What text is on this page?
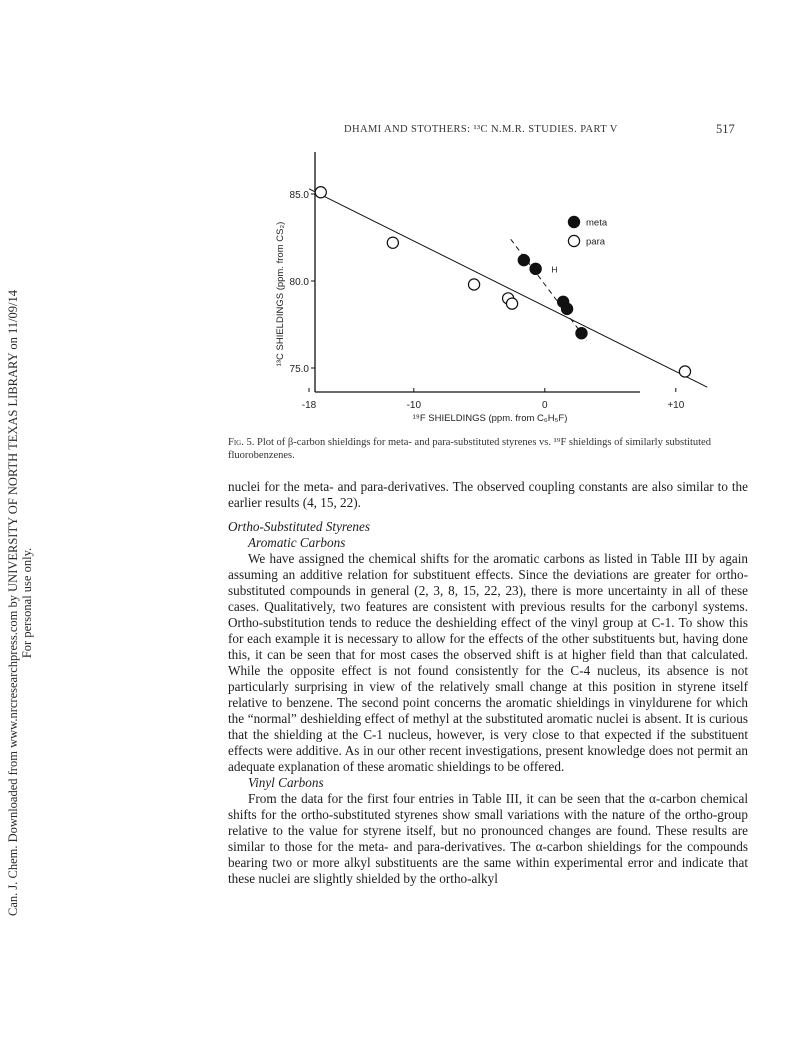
Can. J. Chem. Downloaded from www.nrcresearchpress.com by UNIVERSITY OF NORTH TEXAS LIBRARY on 11/09/14 For personal use only.
DHAMI AND STOTHERS: ¹³C N.M.R. STUDIES. PART V	517
75.0
80.0
85.0
-18	-10	0	+10
H
meta
para
¹³C SHIELDINGS (ppm. from CS₂)
¹⁹F SHIELDINGS (ppm. from C₆H₅F)
Fig. 5. Plot of β-carbon shieldings for meta- and para-substituted styrenes vs. ¹⁹F shieldings of similarly substituted fluorobenzenes.

nuclei for the meta- and para-derivatives. The observed coupling constants are also similar to the earlier results (4, 15, 22).

Ortho-Substituted Styrenes

Aromatic Carbons

We have assigned the chemical shifts for the aromatic carbons as listed in Table III by again assuming an additive relation for substituent effects. Since the deviations are greater for ortho-substituted compounds in general (2, 3, 8, 15, 22, 23), there is more uncertainty in all of these cases. Qualitatively, two features are consistent with previous results for the carbonyl systems. Ortho-substitution tends to reduce the deshielding effect of the vinyl group at C-1. To show this for each example it is necessary to allow for the effects of the other substituents but, having done this, it can be seen that for most cases the observed shift is at higher field than that calculated. While the opposite effect is not found consistently for the C-4 nucleus, its absence is not particularly surprising in view of the relatively small change at this position in styrene itself relative to benzene. The second point concerns the aromatic shieldings in vinyldurene for which the “normal” deshielding effect of methyl at the substituted aromatic nuclei is absent. It is curious that the shielding at the C-1 nucleus, however, is very close to that expected if the substituent effects were additive. As in our other recent investigations, present knowledge does not permit an adequate explanation of these aromatic shieldings to be offered.

Vinyl Carbons

From the data for the first four entries in Table III, it can be seen that the α-carbon chemical shifts for the ortho-substituted styrenes show small variations with the nature of the ortho-group relative to the value for styrene itself, but no pronounced changes are found. These results are similar to those for the meta- and para-derivatives. The α-carbon shieldings for the compounds bearing two or more alkyl substituents are the same within experimental error and indicate that these nuclei are slightly shielded by the ortho-alkyl
